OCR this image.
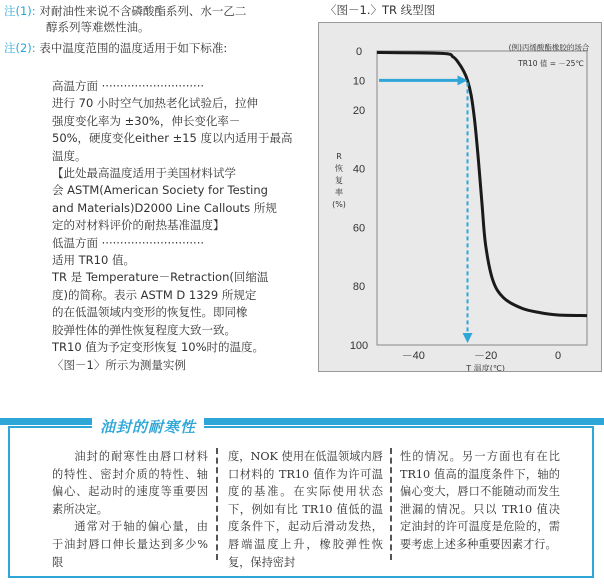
注(1): 对耐油性来说不含磷酸酯系列、水一乙二
醇系列等难燃性油。
注(2): 表中温度范围的温度适用于如下标准:

高温方面 ····························

进行 70 小时空气加热老化试验后，拉伸

强度变化率为 ±30%，伸长变化率－

50%，硬度变化either ±15 度以内适用于最高

温度。

【此处最高温度适用于美国材料试学

会 ASTM(American Society for Testing

and Materials)D2000 Line Callouts 所规

定的对材料评价的耐热基准温度】

低温方面 ····························

适用 TR10 值。

TR 是 Temperature－Retraction(回缩温

度)的简称。表示 ASTM D 1329 所规定

的在低温领域内变形的恢复性。即同橡

胶弹性体的弹性恢复程度大致一致。

TR10 值为予定变形恢复 10%时的温度。

〈图－1〉所示为测量实例

〈图－1.〉TR 线型图
0
10
20
40
60
80
100
－40	－20	0
R
恢
复
率
(%)
T 温度(℃)
(例)丙烯酸酯橡胶的场合
TR10 值 = －25℃
油封的耐寒性

油封的耐寒性由唇口材料的特性、密封介质的特性、轴偏心、起动时的速度等重要因素所决定。

通常对于轴的偏心量，由于油封唇口伸长量达到多少%限

度，NOK 使用在低温领域内唇口材料的 TR10 值作为许可温度的基准。在实际使用状态下，例如有比 TR10 值低的温度条件下，起动后滑动发热，唇端温度上升，橡胶弹性恢复，保持密封

性的情况。另一方面也有在比 TR10 值高的温度条件下，轴的偏心变大，唇口不能随动而发生泄漏的情况。只以 TR10 值决定油封的许可温度是危险的，需要考虑上述多种重要因素才行。
